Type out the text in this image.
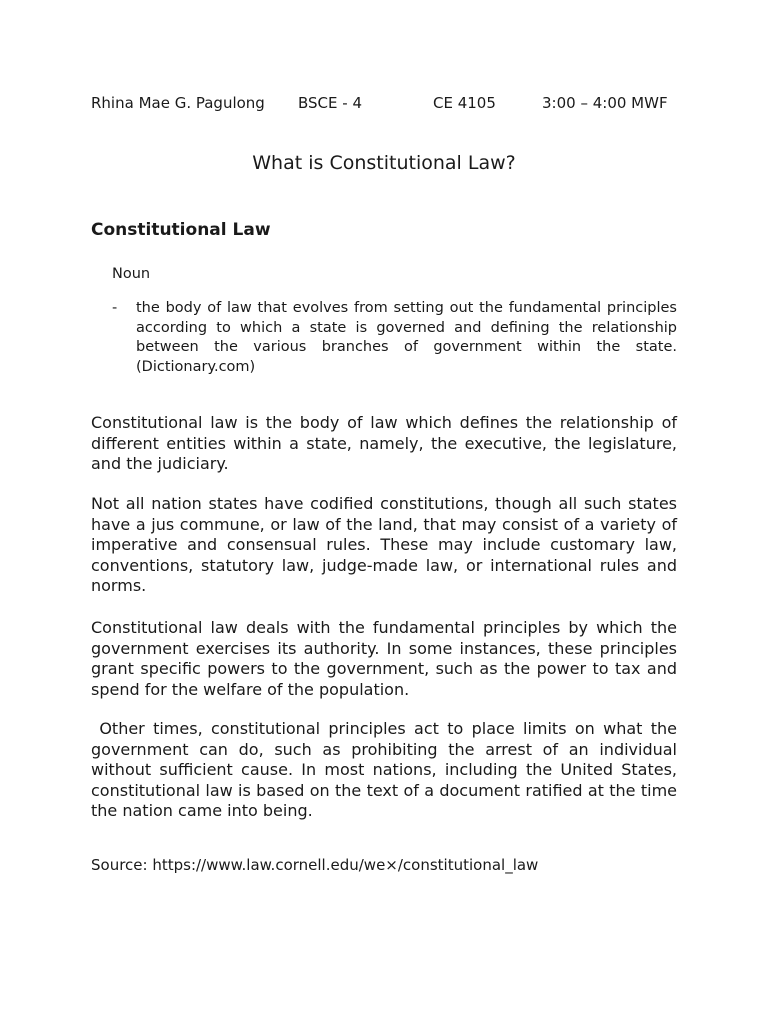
Rhina Mae G. Pagulong BSCE - 4	CE 4105	3:00 – 4:00 MWF
What is Constitutional Law?
Constitutional Law
Noun
- the body of law that evolves from setting out the fundamental principles according to which a state is governed and defining the relationship between the various branches of government within the state. (Dictionary.com)
Constitutional law is the body of law which defines the relationship of different entities within a state, namely, the executive, the legislature, and the judiciary.
Not all nation states have codified constitutions, though all such states have a jus commune, or law of the land, that may consist of a variety of imperative and consensual rules. These may include customary law, conventions, statutory law, judge-made law, or international rules and norms.
Constitutional law deals with the fundamental principles by which the government exercises its authority. In some instances, these principles grant specific powers to the government, such as the power to tax and spend for the welfare of the population.
Other times, constitutional principles act to place limits on what the government can do, such as prohibiting the arrest of an individual without sufficient cause. In most nations, including the United States, constitutional law is based on the text of a document ratified at the time the nation came into being.
Source: https://www.law.cornell.edu/we×/constitutional_law
